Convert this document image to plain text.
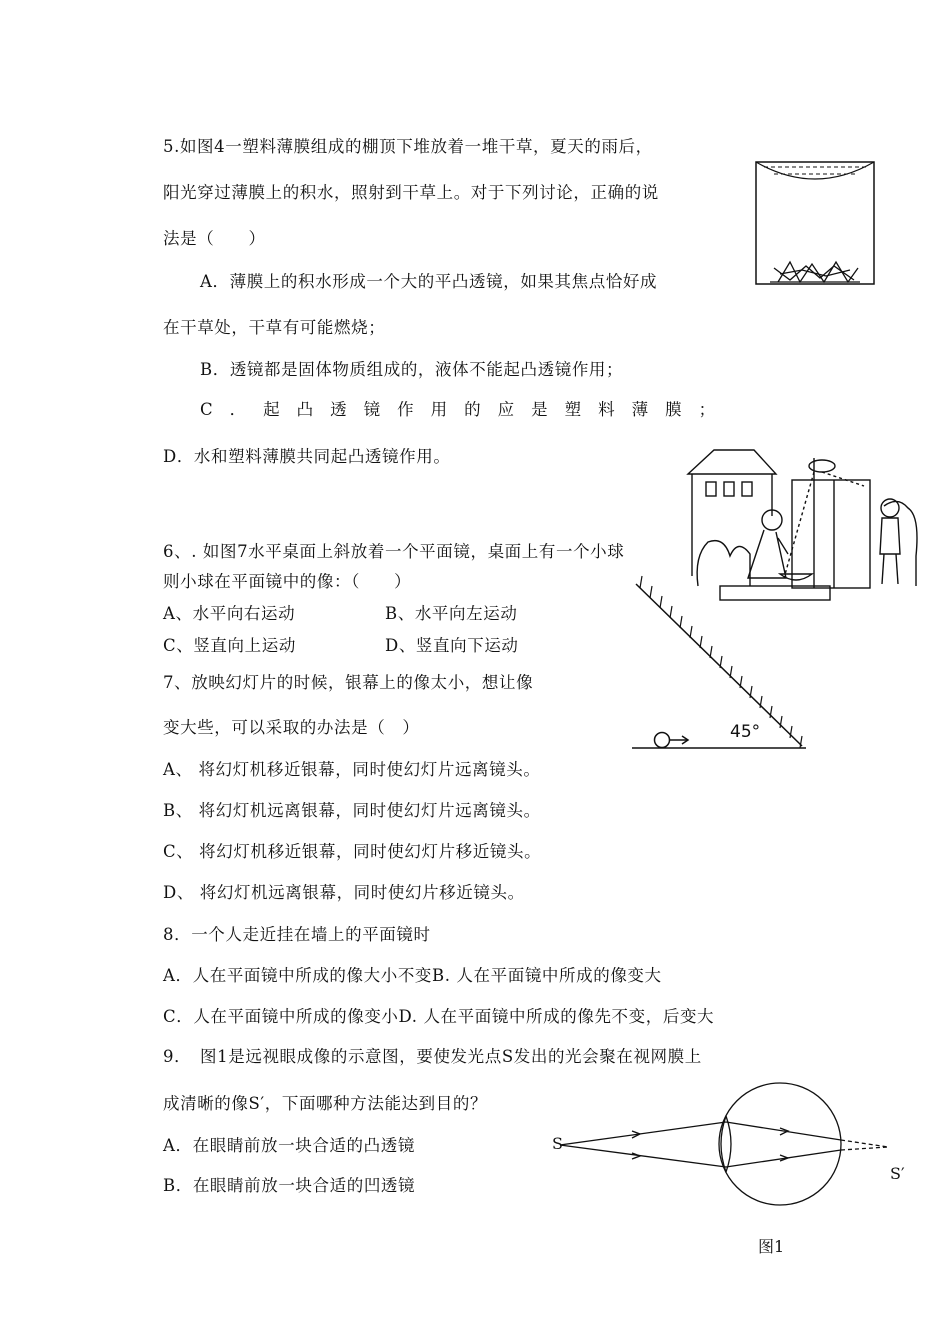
5.如图4一塑料薄膜组成的棚顶下堆放着一堆干草，夏天的雨后，
阳光穿过薄膜上的积水，照射到干草上。对于下列讨论，正确的说
法是（　　）
A．薄膜上的积水形成一个大的平凸透镜，如果其焦点恰好成
在干草处，干草有可能燃烧；
B．透镜都是固体物质组成的，液体不能起凸透镜作用；
C．起凸透镜作用的应是塑料薄膜；
D．水和塑料薄膜共同起凸透镜作用。
6、. 如图7水平桌面上斜放着一个平面镜，桌面上有一个小球
则小球在平面镜中的像：（　　）
A、水平向右运动	B、水平向左运动
C、竖直向上运动	D、竖直向下运动
45°
7、放映幻灯片的时候，银幕上的像太小，想让像
变大些，可以采取的办法是（　）
A、 将幻灯机移近银幕，同时使幻灯片远离镜头。
B、 将幻灯机远离银幕，同时使幻灯片远离镜头。
C、 将幻灯机移近银幕，同时使幻灯片移近镜头。
D、 将幻灯机远离银幕，同时使幻片移近镜头。
8．一个人走近挂在墙上的平面镜时
A．人在平面镜中所成的像大小不变B. 人在平面镜中所成的像变大
C．人在平面镜中所成的像变小D. 人在平面镜中所成的像先不变，后变大
9．　图1是远视眼成像的示意图，要使发光点S发出的光会聚在视网膜上
成清晰的像S′，下面哪种方法能达到目的？
A．在眼睛前放一块合适的凸透镜
B．在眼睛前放一块合适的凹透镜
S
S′
图1
